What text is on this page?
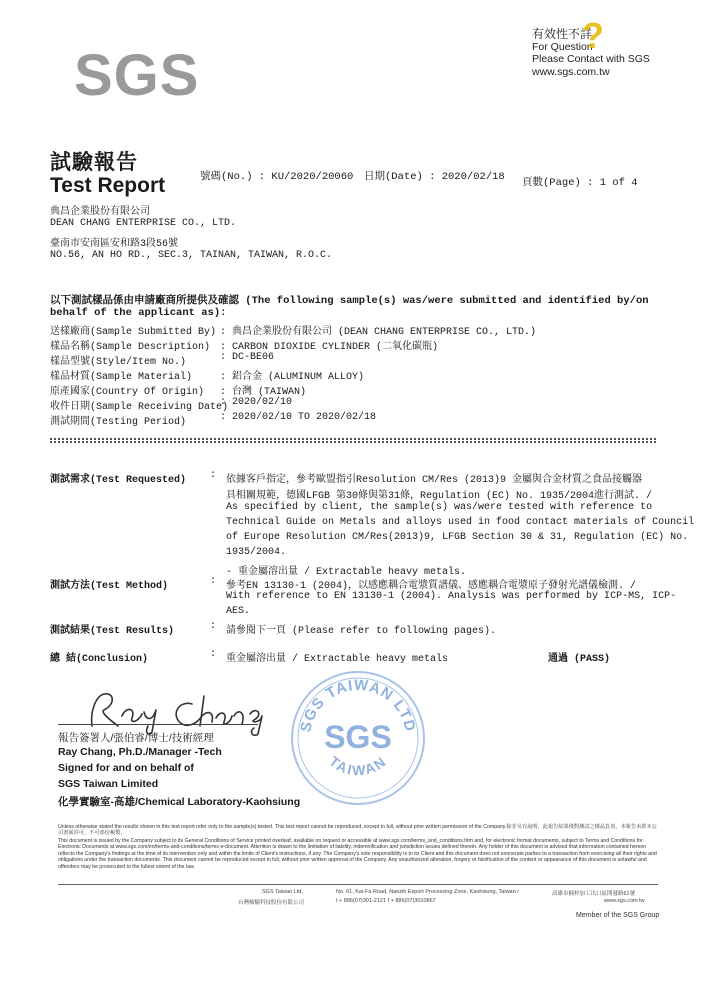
SGS
有效性不詳
For Question
Please Contact with SGS
www.sgs.com.tw
?
試驗報告
Test Report	號碼(No.) : KU/2020/20060 日期(Date) : 2020/02/18 頁數(Page) : 1 of 4
典昌企業股份有限公司
DEAN CHANG ENTERPRISE CO., LTD.
臺南市安南區安和路3段56號
NO.56, AN HO RD., SEC.3, TAINAN, TAIWAN, R.O.C.
以下測試樣品係由申請廠商所提供及確認 (The following sample(s) was/were submitted and identified by/on
behalf of the applicant as):
送樣廠商(Sample Submitted By) : 典昌企業股份有限公司 (DEAN CHANG ENTERPRISE CO., LTD.)
樣品名稱(Sample Description) : CARBON DIOXIDE CYLINDER (二氧化碳瓶)
樣品型號(Style/Item No.)	: DC-BE06
樣品材質(Sample Material)	: 鋁合金 (ALUMINUM ALLOY)
原產國家(Country Of Origin) : 台灣 (TAIWAN)
收件日期(Sample Receiving Date)
: 2020/02/10
測試期間(Testing Period)	: 2020/02/10 TO 2020/02/18
測試需求(Test Requested) : 依據客戶指定，參考歐盟指引Resolution CM/Res (2013)9 金屬與合金材質之食品接觸器
具相關規範，德國LFGB 第30條與第31條，Regulation (EC) No. 1935/2004進行測試. /
As specified by client, the sample(s) was/were tested with reference to
Technical Guide on Metals and alloys used in food contact materials of Council
of Europe Resolution CM/Res(2013)9, LFGB Section 30 & 31, Regulation (EC) No.
1935/2004.
- 重金屬溶出量 / Extractable heavy metals.
測試方法(Test Method)	: 參考EN 13130-1 (2004)，以感應耦合電漿質譜儀、感應耦合電漿原子發射光譜儀檢測. /
With reference to EN 13130-1 (2004). Analysis was performed by ICP-MS, ICP-
AES.
測試結果(Test Results)	: 請參閱下一頁 (Please refer to following pages).
總 結(Conclusion)	: 重金屬溶出量 / Extractable heavy metals	通過 (PASS)
SGS TAIWAN LTD
SGS
TAIWAN
報告簽署人/張伯睿/博士/技術經理
Ray Chang, Ph.D./Manager -Tech
Signed for and on behalf of
SGS Taiwan Limited
化學實驗室-高雄/Chemical Laboratory-Kaohsiung
Unless otherwise stated the results shown in this test report refer only to the sample(s) tested. This test report cannot be reproduced, except in full, without prior written permission of the Company.除非另有說明，此報告結果僅對測試之樣品負責，本報告未經本公司書面許可，不可部份複製。
This document is issued by the Company subject to its General Conditions of Service printed overleaf, available on request or accessible at www.sgs.com/terms_and_conditions.htm and, for electronic format documents, subject to Terms and Conditions for Electronic Documents at www.sgs.com/en/terms-and-conditions/terms-e-document. Attention is drawn to the limitation of liability, indemnification and jurisdiction issues defined therein. Any holder of this document is advised that information contained hereon reflects the Company's findings at the time of its intervention only and within the limits of Client's instructions, if any. The Company's sole responsibility is to its Client and this document does not exonerate parties to a transaction from exercising all their rights and obligations under the transaction documents. This document cannot be reproduced except in full, without prior written approval of the Company. Any unauthorized alteration, forgery or falsification of the content or appearance of this document is unlawful and offenders may be prosecuted to the fullest extent of the law.
SGS Taiwan Ltd.
台灣檢驗科技股份有限公司
No. 61, Kai-Fa Road, Nanzih Export Processing Zone, Kaohsiung, Taiwan /
t + 886(07)301-2121 f + 886(07)3010867
高雄市楠梓加工出口區開發路61號
www.sgs.com.tw
Member of the SGS Group
